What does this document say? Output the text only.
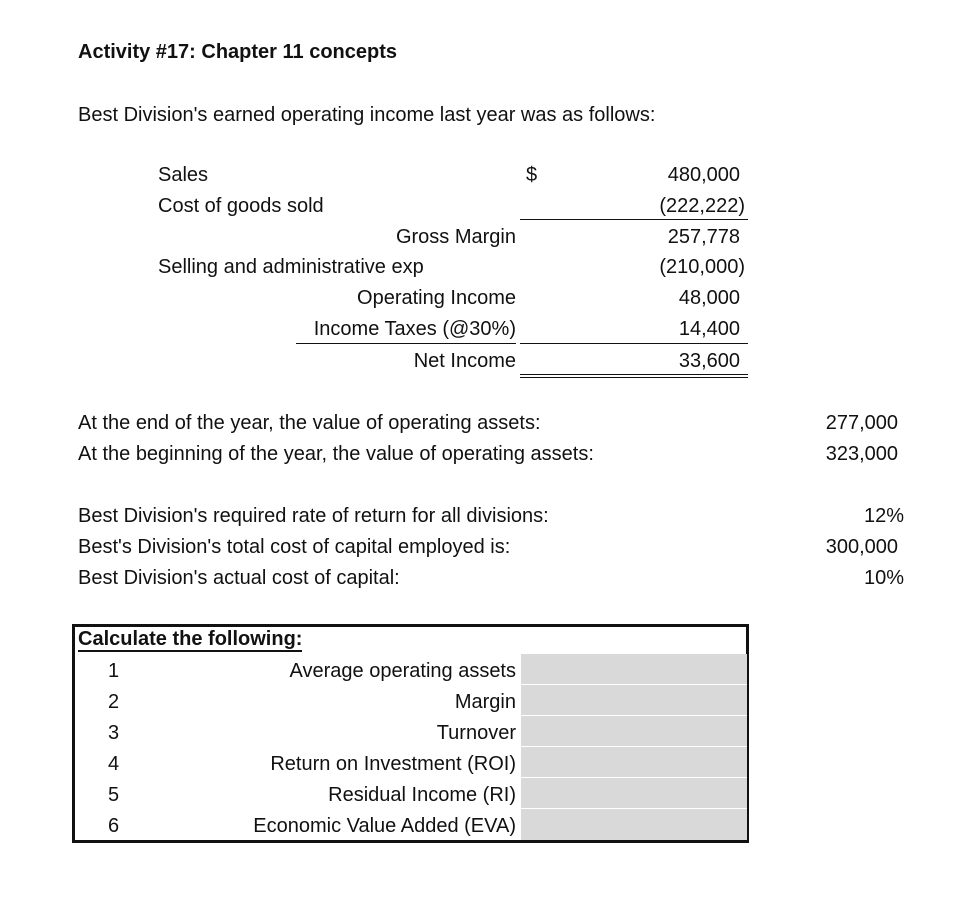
Activity #17: Chapter 11 concepts
Best Division's earned operating income last year was as follows:
Sales	$	480,000
Cost of goods sold	(222,222)
Gross Margin	257,778
Selling and administrative exp	(210,000)
Operating Income	48,000
Income Taxes (@30%)	14,400
Net Income	33,600
At the end of the year, the value of operating assets:	277,000
At the beginning of the year, the value of operating assets:	323,000
Best Division's required rate of return for all divisions:	12%
Best's Division's total cost of capital employed is:	300,000
Best Division's actual cost of capital:	10%
Calculate the following:
1	Average operating assets
2	Margin
3	Turnover
4	Return on Investment (ROI)
5	Residual Income (RI)
6	Economic Value Added (EVA)
